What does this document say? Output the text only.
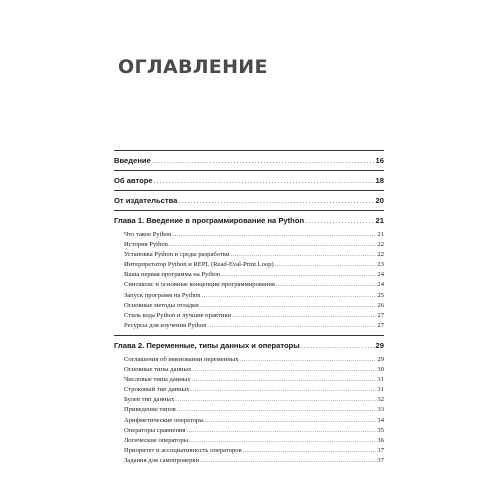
ОГЛАВЛЕНИЕ
Введение . . .	16
Об авторе . . .	18
От издательства . . .	20
Глава 1. Введение в программирование на Python . . .	21
Что такое Python . . .	21
История Python . . .	22
Установка Python и среды разработки . . .	22
Интерпретатор Python и REPL (Read-Eval-Print Loop) . . .	23
Ваша первая программа на Python . . .	24
Синтаксис и основные концепции программирования . . .	24
Запуск программ на Python . . .	25
Основные методы отладки . . .	26
Стиль кода Python и лучшие практики . . .	27
Ресурсы для изучения Python . . .	27
Глава 2. Переменные, типы данных и операторы . . .	29
Соглашения об именовании переменных . . .	29
Основные типы данных . . .	30
Числовые типы данных . . .	31
Строковый тип данных . . .	31
Булев тип данных . . .	32
Приведение типов . . .	33
Арифметические операторы . . .	34
Операторы сравнения . . .	35
Логические операторы . . .	36
Приоритет и ассоциативность операторов . . .	37
Задания для самопроверки . . .	37
